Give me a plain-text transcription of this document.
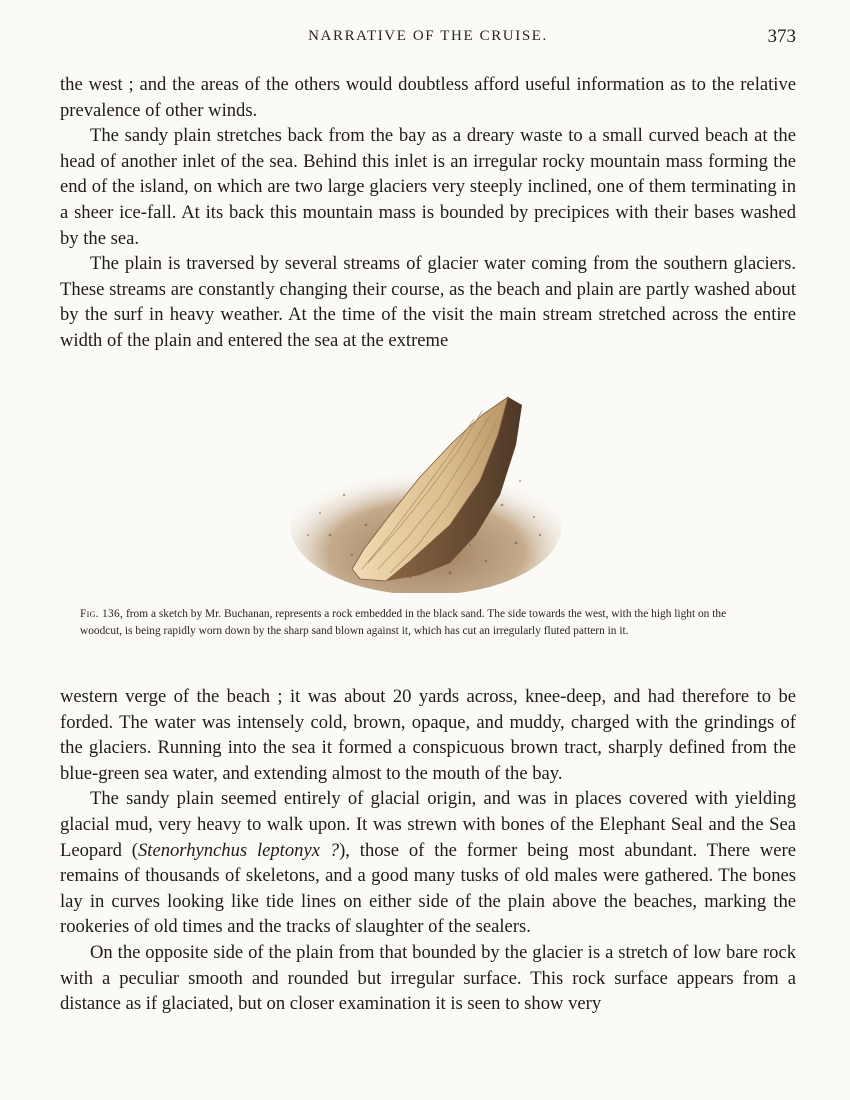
NARRATIVE OF THE CRUISE.	373

the west ; and the areas of the others would doubtless afford useful information as to the relative prevalence of other winds.

The sandy plain stretches back from the bay as a dreary waste to a small curved beach at the head of another inlet of the sea. Behind this inlet is an irregular rocky mountain mass forming the end of the island, on which are two large glaciers very steeply inclined, one of them terminating in a sheer ice-fall. At its back this mountain mass is bounded by precipices with their bases washed by the sea.

The plain is traversed by several streams of glacier water coming from the southern glaciers. These streams are constantly changing their course, as the beach and plain are partly washed about by the surf in heavy weather. At the time of the visit the main stream stretched across the entire width of the plain and entered the sea at the extreme

Fig. 136, from a sketch by Mr. Buchanan, represents a rock embedded in the black sand. The side towards the west, with the high light on the woodcut, is being rapidly worn down by the sharp sand blown against it, which has cut an irregularly fluted pattern in it.

western verge of the beach ; it was about 20 yards across, knee-deep, and had therefore to be forded. The water was intensely cold, brown, opaque, and muddy, charged with the grindings of the glaciers. Running into the sea it formed a conspicuous brown tract, sharply defined from the blue-green sea water, and extending almost to the mouth of the bay.

The sandy plain seemed entirely of glacial origin, and was in places covered with yielding glacial mud, very heavy to walk upon. It was strewn with bones of the Elephant Seal and the Sea Leopard (Stenorhynchus leptonyx ?), those of the former being most abundant. There were remains of thousands of skeletons, and a good many tusks of old males were gathered. The bones lay in curves looking like tide lines on either side of the plain above the beaches, marking the rookeries of old times and the tracks of slaughter of the sealers.

On the opposite side of the plain from that bounded by the glacier is a stretch of low bare rock with a peculiar smooth and rounded but irregular surface. This rock surface appears from a distance as if glaciated, but on closer examination it is seen to show very
